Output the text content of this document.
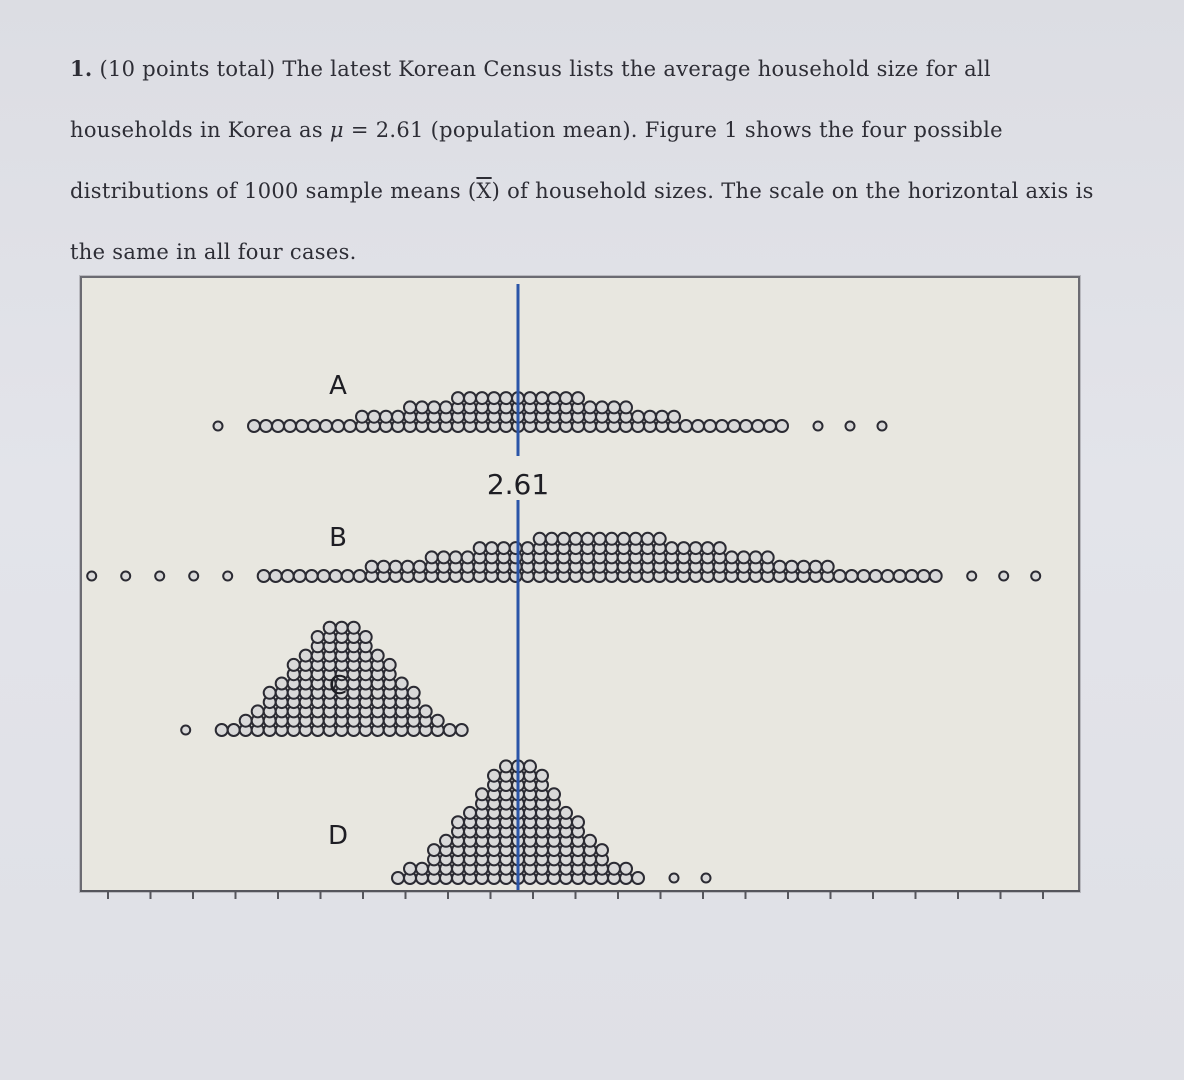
1. (10 points total) The latest Korean Census lists the average household size for all households in Korea as μ = 2.61 (population mean). Figure 1 shows the four possible distributions of 1000 sample means $(\overline{X})$ of household sizes. The scale on the horizontal axis is the same in all four cases.

A
B
C
D
2.61
